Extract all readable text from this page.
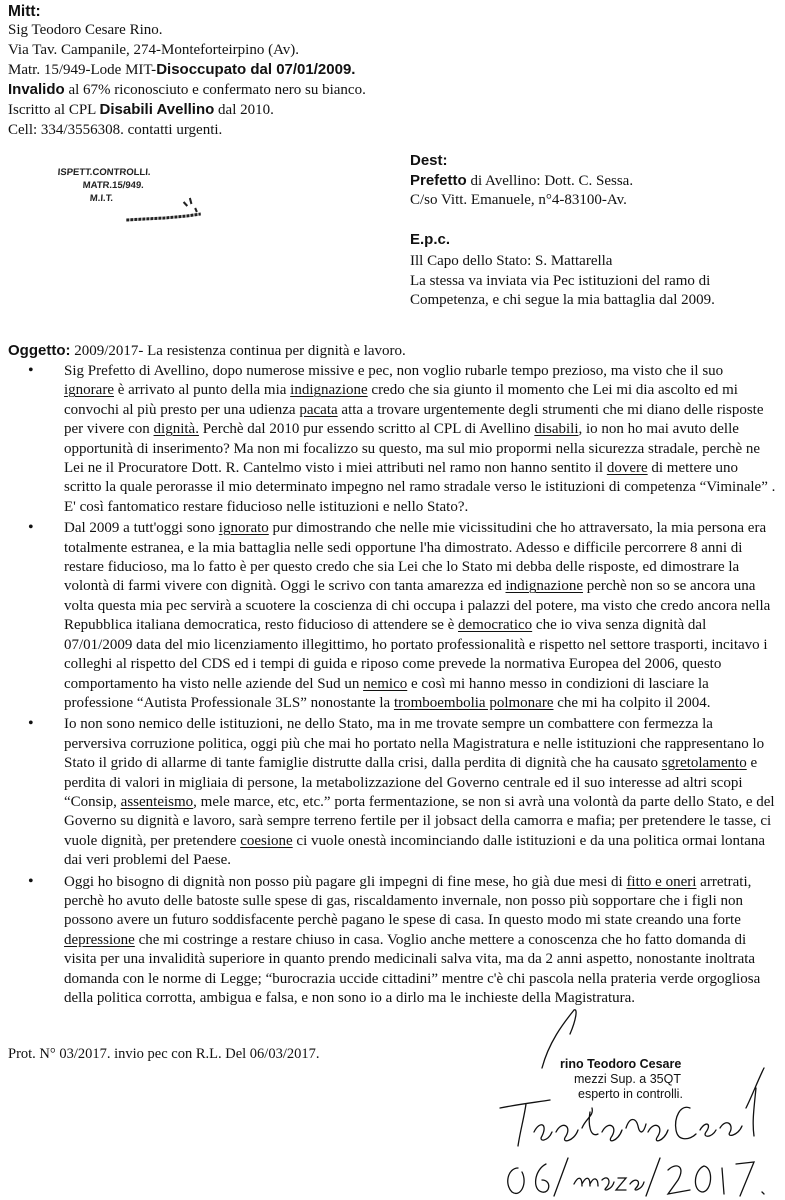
Mitt:
Sig Teodoro Cesare Rino.
Via Tav. Campanile, 274-Monteforteirpino (Av).
Matr. 15/949-Lode MIT-Disoccupato dal 07/01/2009.
Invalido al 67% riconosciuto e confermato nero su bianco.
Iscritto al CPL Disabili Avellino dal 2010.
Cell: 334/3556308. contatti urgenti.
ISPETT.CONTROLLI.
MATR.15/949.
M.I.T.
Dest:
Prefetto di Avellino: Dott. C. Sessa.
C/so Vitt. Emanuele, n°4-83100-Av.
E.p.c.
Ill Capo dello Stato: S. Mattarella
La stessa va inviata via Pec istituzioni del ramo di
Competenza, e chi segue la mia battaglia dal 2009.
Oggetto: 2009/2017- La resistenza continua per dignità e lavoro.
• Sig Prefetto di Avellino, dopo numerose missive e pec, non voglio rubarle tempo prezioso, ma visto che il suo ignorare è arrivato al punto della mia indignazione credo che sia giunto il momento che Lei mi dia ascolto ed mi convochi al più presto per una udienza pacata atta a trovare urgentemente degli strumenti che mi diano delle risposte per vivere con dignità. Perchè dal 2010 pur essendo scritto al CPL di Avellino disabili, io non ho mai avuto delle opportunità di inserimento? Ma non mi focalizzo su questo, ma sul mio propormi nella sicurezza stradale, perchè ne Lei ne il Procuratore Dott. R. Cantelmo visto i miei attributi nel ramo non hanno sentito il dovere di mettere uno scritto la quale perorasse il mio determinato impegno nel ramo stradale verso le istituzioni di competenza “Viminale” . E' così fantomatico restare fiducioso nelle istituzioni e nello Stato?.
• Dal 2009 a tutt'oggi sono ignorato pur dimostrando che nelle mie vicissitudini che ho attraversato, la mia persona era totalmente estranea, e la mia battaglia nelle sedi opportune l'ha dimostrato. Adesso e difficile percorrere 8 anni di restare fiducioso, ma lo fatto è per questo credo che sia Lei che lo Stato mi debba delle risposte, ed dimostrare la volontà di farmi vivere con dignità. Oggi le scrivo con tanta amarezza ed indignazione perchè non so se ancora una volta questa mia pec servirà a scuotere la coscienza di chi occupa i palazzi del potere, ma visto che credo ancora nella Repubblica italiana democratica, resto fiducioso di attendere se è democratico che io viva senza dignità dal 07/01/2009 data del mio licenziamento illegittimo, ho portato professionalità e rispetto nel settore trasporti, incitavo i colleghi al rispetto del CDS ed i tempi di guida e riposo come prevede la normativa Europea del 2006, questo comportamento ha visto nelle aziende del Sud un nemico e così mi hanno messo in condizioni di lasciare la professione “Autista Professionale 3LS” nonostante la tromboembolia polmonare che mi ha colpito il 2004.
• Io non sono nemico delle istituzioni, ne dello Stato, ma in me trovate sempre un combattere con fermezza la perversiva corruzione politica, oggi più che mai ho portato nella Magistratura e nelle istituzioni che rappresentano lo Stato il grido di allarme di tante famiglie distrutte dalla crisi, dalla perdita di dignità che ha causato sgretolamento e perdita di valori in migliaia di persone, la metabolizzazione del Governo centrale ed il suo interesse ad altri scopi “Consip, assenteismo, mele marce, etc, etc.” porta fermentazione, se non si avrà una volontà da parte dello Stato, e del Governo su dignità e lavoro, sarà sempre terreno fertile per il jobsact della camorra e mafia; per pretendere le tasse, ci vuole dignità, per pretendere coesione ci vuole onestà incominciando dalle istituzioni e da una politica ormai lontana dai veri problemi del Paese.
• Oggi ho bisogno di dignità non posso più pagare gli impegni di fine mese, ho già due mesi di fitto e oneri arretrati, perchè ho avuto delle batoste sulle spese di gas, riscaldamento invernale, non posso più sopportare che i figli non possono avere un futuro soddisfacente perchè pagano le spese di casa. In questo modo mi state creando una forte depressione che mi costringe a restare chiuso in casa. Voglio anche mettere a conoscenza che ho fatto domanda di visita per una invalidità superiore in quanto prendo medicinali salva vita, ma da 2 anni aspetto, nonostante inoltrata domanda con le norme di Legge; “burocrazia uccide cittadini” mentre c'è chi pascola nella prateria verde orgogliosa della politica corrotta, ambigua e falsa, e non sono io a dirlo ma le inchieste della Magistratura.
Prot. N° 03/2017. invio pec con R.L. Del 06/03/2017.
rino Teodoro Cesare
mezzi Sup. a 35QT
esperto in controlli.
